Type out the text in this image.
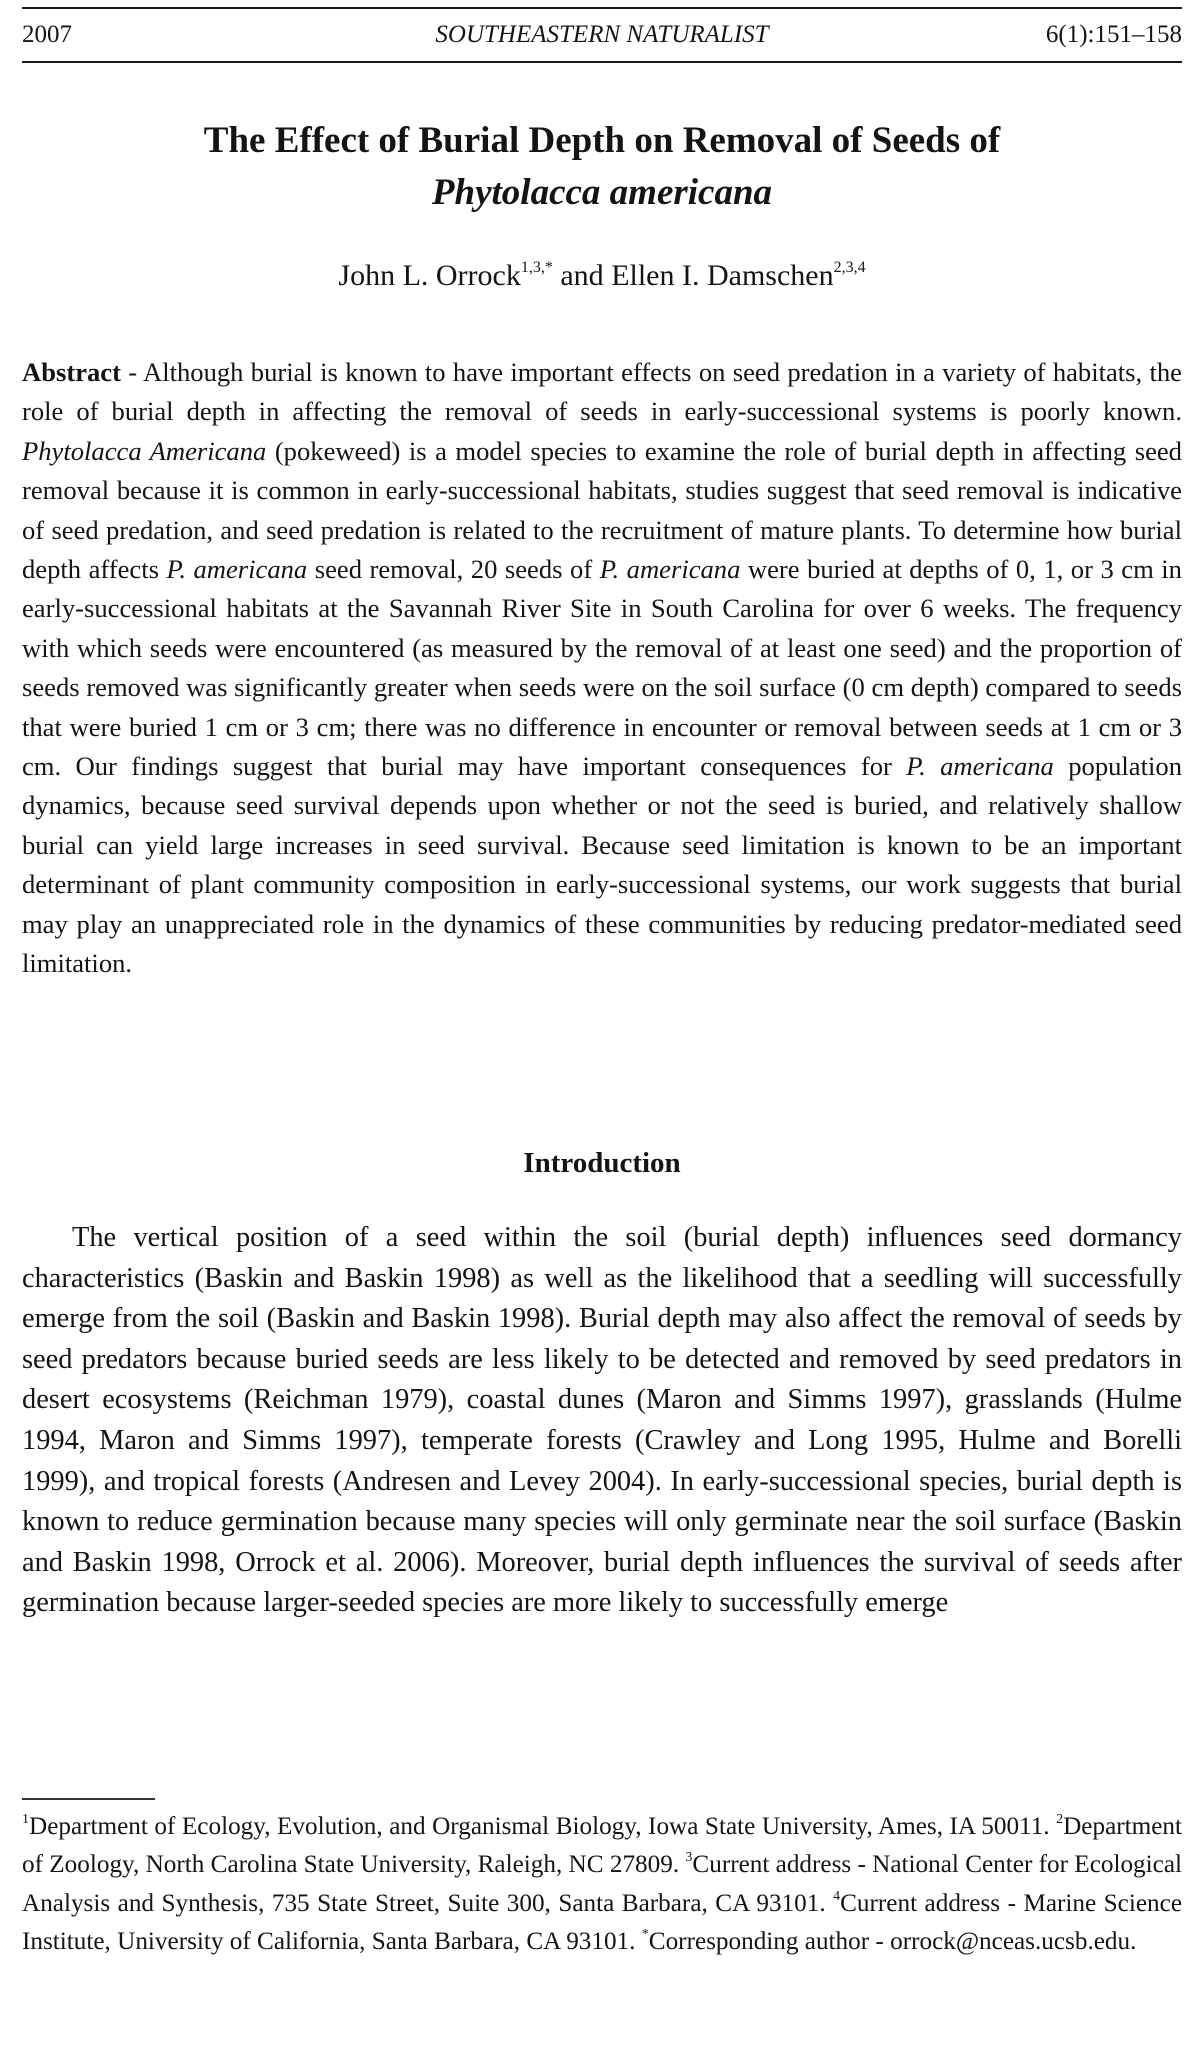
SOUTHEASTERN NATURALIST
2007	6(1):151–158
The Effect of Burial Depth on Removal of Seeds of
Phytolacca americana
John L. Orrock$^{1,3,*}$ and Ellen I. Damschen$^{2,3,4}$

Abstract - Although burial is known to have important effects on seed predation in a variety of habitats, the role of burial depth in affecting the removal of seeds in early-successional systems is poorly known. Phytolacca Americana (pokeweed) is a model species to examine the role of burial depth in affecting seed removal because it is common in early-successional habitats, studies suggest that seed removal is indicative of seed predation, and seed predation is related to the recruitment of mature plants. To determine how burial depth affects P. americana seed removal, 20 seeds of P. americana were buried at depths of 0, 1, or 3 cm in early-successional habitats at the Savannah River Site in South Carolina for over 6 weeks. The frequency with which seeds were encountered (as measured by the removal of at least one seed) and the proportion of seeds removed was significantly greater when seeds were on the soil surface (0 cm depth) compared to seeds that were buried 1 cm or 3 cm; there was no difference in encounter or removal between seeds at 1 cm or 3 cm. Our findings suggest that burial may have important consequences for P. americana population dynamics, because seed survival depends upon whether or not the seed is buried, and relatively shallow burial can yield large increases in seed survival. Because seed limitation is known to be an important determinant of plant community composition in early-successional systems, our work suggests that burial may play an unappreciated role in the dynamics of these communities by reducing predator-mediated seed limitation.

Introduction

The vertical position of a seed within the soil (burial depth) influences seed dormancy characteristics (Baskin and Baskin 1998) as well as the likelihood that a seedling will successfully emerge from the soil (Baskin and Baskin 1998). Burial depth may also affect the removal of seeds by seed predators because buried seeds are less likely to be detected and removed by seed predators in desert ecosystems (Reichman 1979), coastal dunes (Maron and Simms 1997), grasslands (Hulme 1994, Maron and Simms 1997), temperate forests (Crawley and Long 1995, Hulme and Borelli 1999), and tropical forests (Andresen and Levey 2004). In early-successional species, burial depth is known to reduce germination because many species will only germinate near the soil surface (Baskin and Baskin 1998, Orrock et al. 2006). Moreover, burial depth influences the survival of seeds after germination because larger-seeded species are more likely to successfully emerge

$^1$Department of Ecology, Evolution, and Organismal Biology, Iowa State University, Ames, IA 50011. $^2$Department of Zoology, North Carolina State University, Raleigh, NC 27809. $^3$Current address - National Center for Ecological Analysis and Synthesis, 735 State Street, Suite 300, Santa Barbara, CA 93101. $^4$Current address - Marine Science Institute, University of California, Santa Barbara, CA 93101. *Corresponding author - orrock@nceas.ucsb.edu.
